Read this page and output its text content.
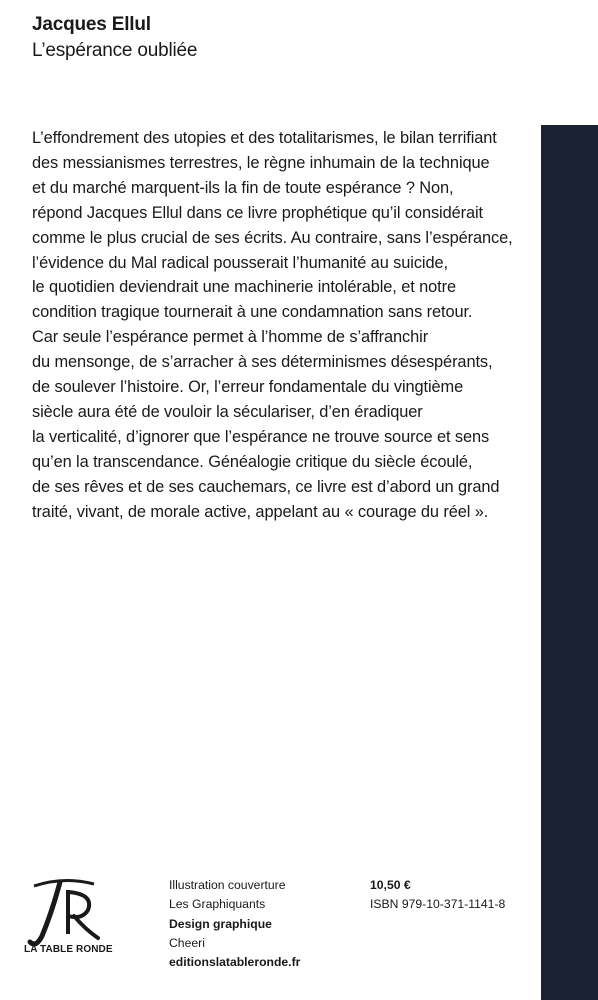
Jacques Ellul
L’espérance oubliée
L’effondrement des utopies et des totalitarismes, le bilan terrifiant
des messianismes terrestres, le règne inhumain de la technique
et du marché marquent-ils la fin de toute espérance ? Non,
répond Jacques Ellul dans ce livre prophétique qu’il considérait
comme le plus crucial de ses écrits. Au contraire, sans l’espérance,
l’évidence du Mal radical pousserait l’humanité au suicide,
le quotidien deviendrait une machinerie intolérable, et notre
condition tragique tournerait à une condamnation sans retour.
Car seule l’espérance permet à l’homme de s’affranchir
du mensonge, de s’arracher à ses déterminismes désespérants,
de soulever l’histoire. Or, l’erreur fondamentale du vingtième
siècle aura été de vouloir la séculariser, d’en éradiquer
la verticalité, d’ignorer que l’espérance ne trouve source et sens
qu’en la transcendance. Généalogie critique du siècle écoulé,
de ses rêves et de ses cauchemars, ce livre est d’abord un grand
traité, vivant, de morale active, appelant au « courage du réel ».
LA TABLE RONDE
Illustration couverture
Les Graphiquants
Design graphique
Cheeri
editionslatableronde.fr
10,50 €
ISBN 979-10-371-1141-8
